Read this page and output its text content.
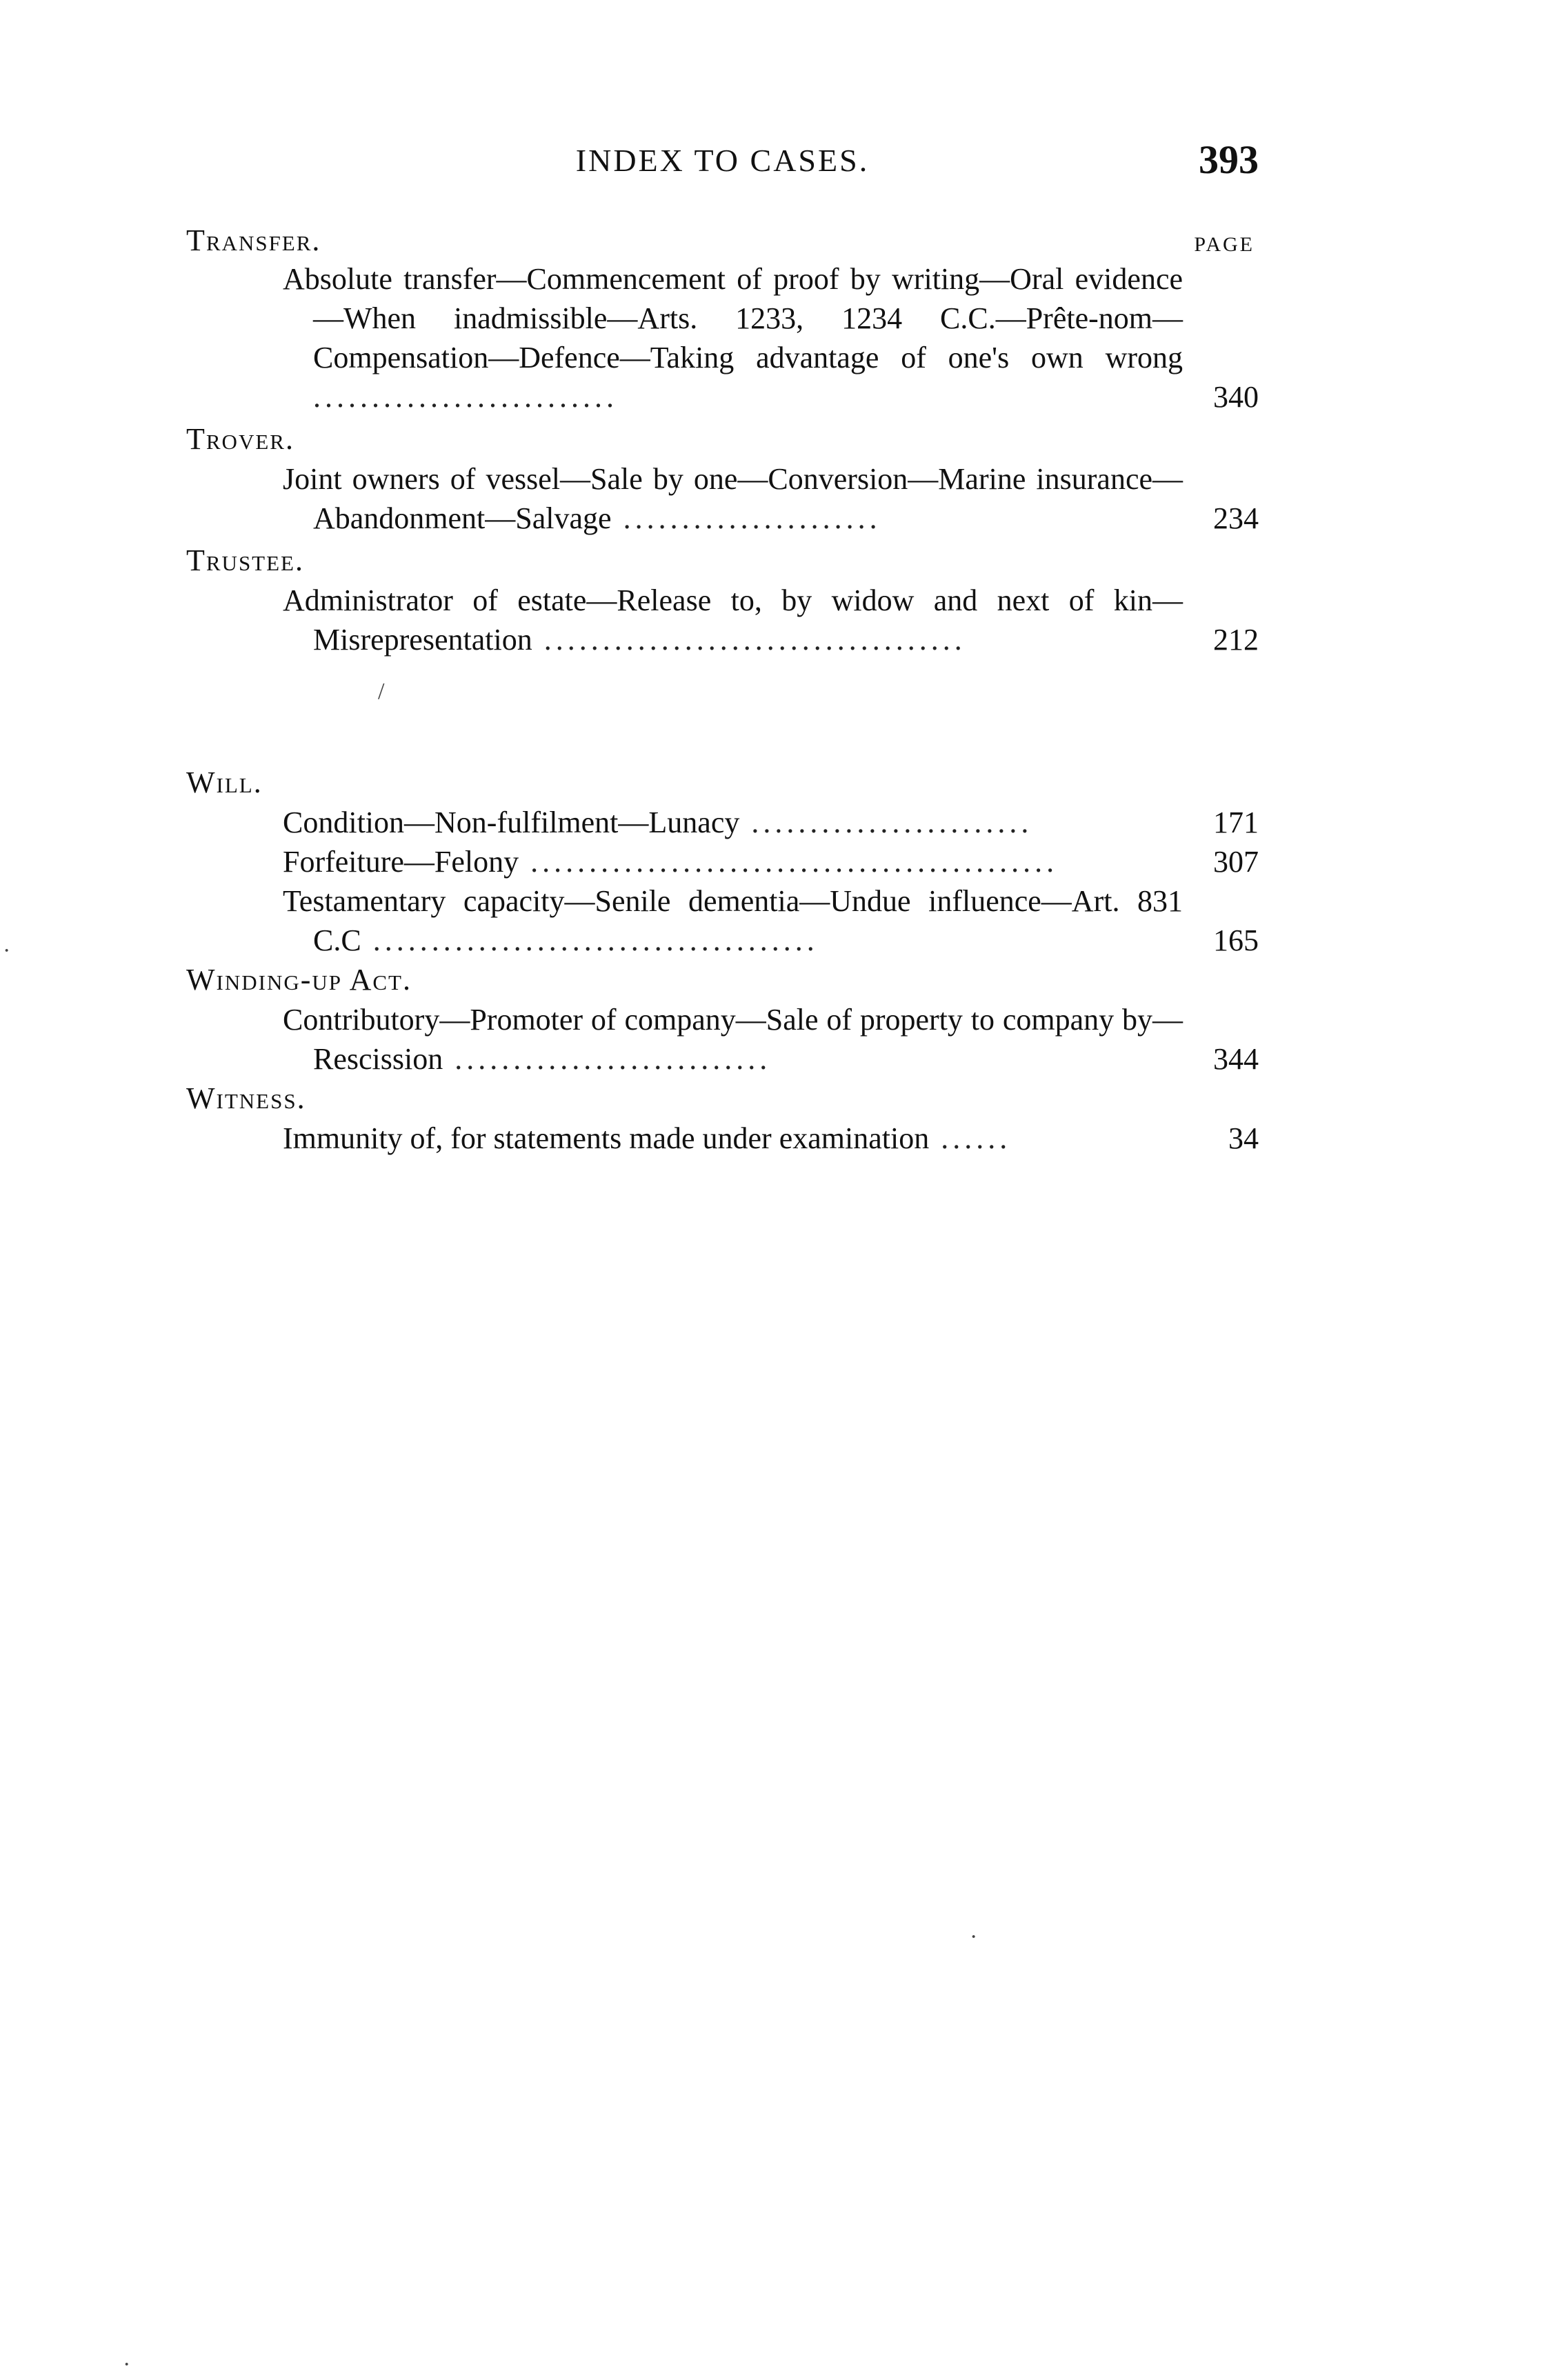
INDEX TO CASES.	393
PAGE
Transfer.
Absolute transfer—Commencement of proof by writing—Oral evidence—When inadmissible—Arts. 1233, 1234 C.C.—Prête-nom—Compensation—Defence—Taking advantage of one's own wrong ..........................	340
Trover.
Joint owners of vessel—Sale by one—Conversion—Marine insurance—Abandonment—Salvage ......................	234
Trustee.
Administrator of estate—Release to, by widow and next of kin—Misrepresentation ....................................	212
Will.
Condition—Non-fulfilment—Lunacy ........................	171
Forfeiture—Felony .............................................	307
Testamentary capacity—Senile dementia—Undue influence—Art. 831 C.C ......................................	165
Winding-up Act.
Contributory—Promoter of company—Sale of property to company by—Rescission ...........................	344
Witness.
Immunity of, for statements made under examination ......	34
/
·
·
·
